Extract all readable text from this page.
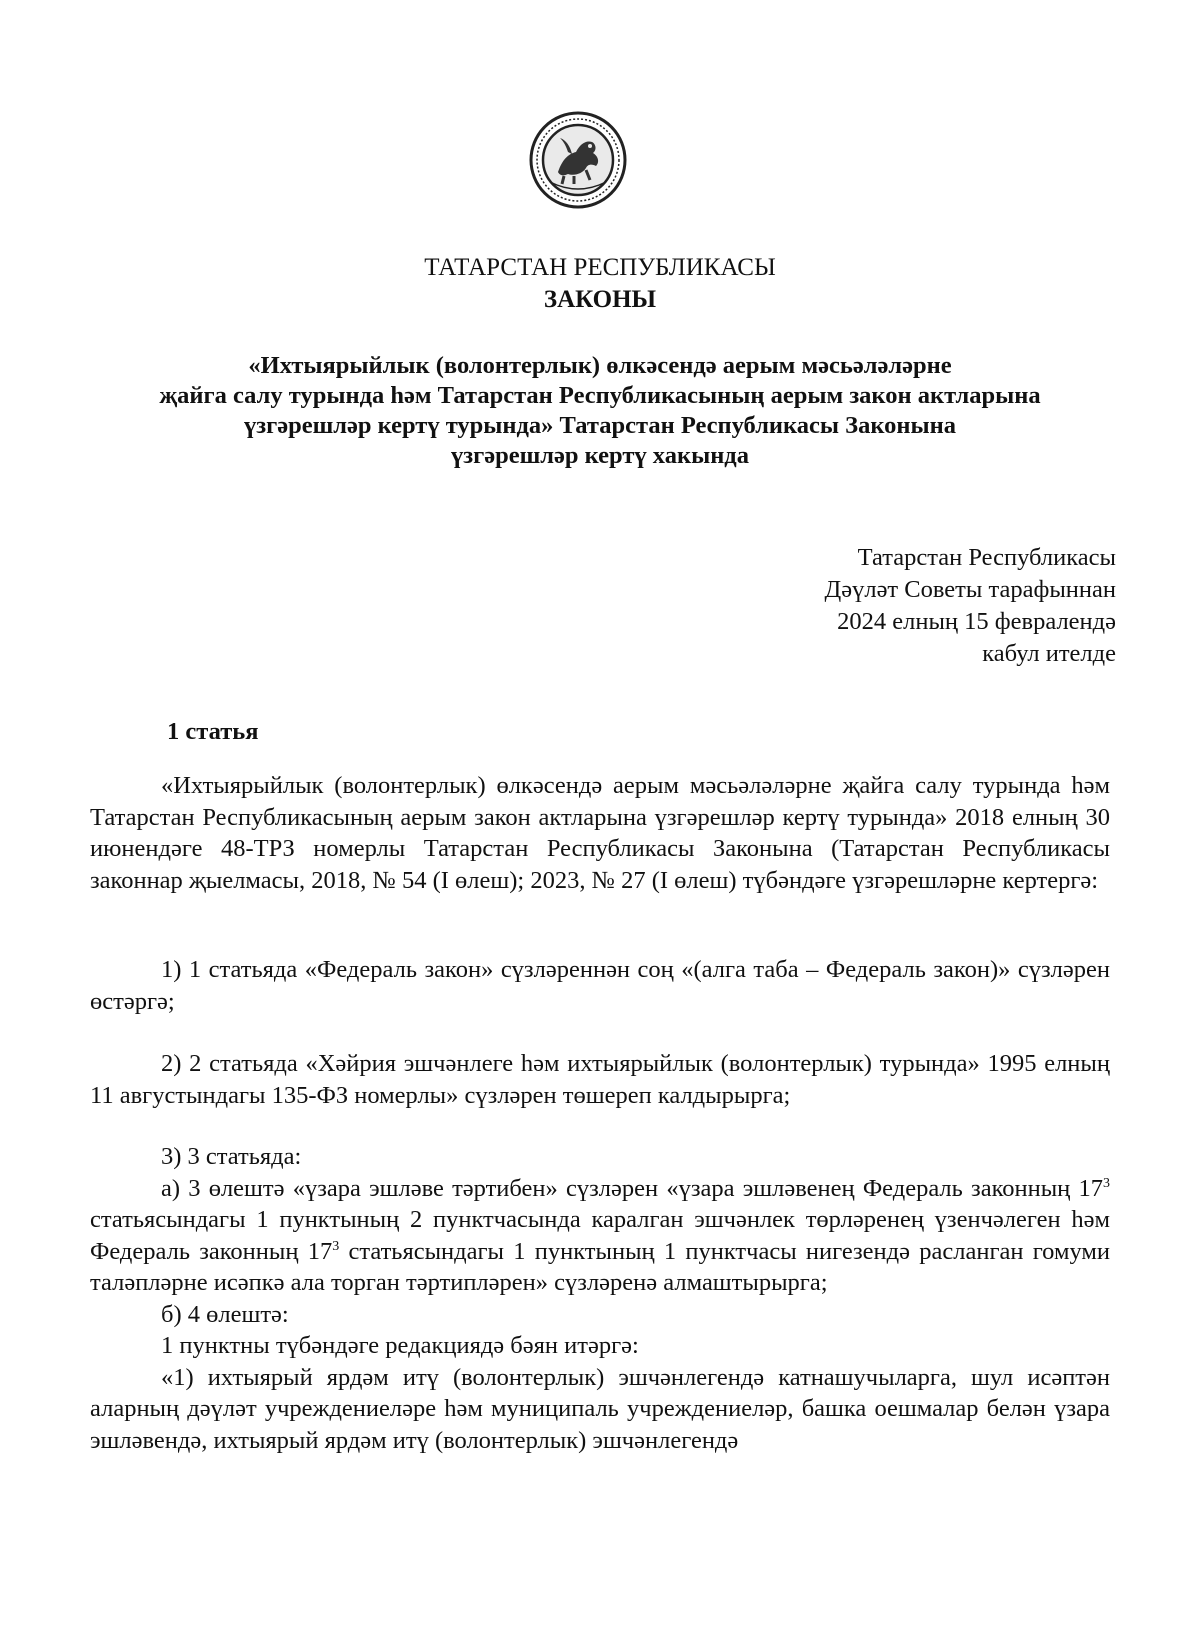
ТАТАРСТАН РЕСПУБЛИКАСЫ
ЗАКОНЫ
«Ихтыярыйлык (волонтерлык) өлкәсендә аерым мәсьәләләрне
җайга салу турында һәм Татарстан Республикасының аерым закон актларына
үзгәрешләр кертү турында» Татарстан Республикасы Законына
үзгәрешләр кертү хакында
Татарстан Республикасы
Дәүләт Советы тарафыннан
2024 елның 15 февралендә
кабул ителде
1 статья

«Ихтыярыйлык (волонтерлык) өлкәсендә аерым мәсьәләләрне җайга салу турында һәм Татарстан Республикасының аерым закон актларына үзгәрешләр кертү турында» 2018 елның 30 июнендәге 48-ТРЗ номерлы Татарстан Республикасы Законына (Татарстан Республикасы законнар җыелмасы, 2018, № 54 (I өлеш); 2023, № 27 (I өлеш) түбәндәге үзгәрешләрне кертергә:

1) 1 статьяда «Федераль закон» сүзләреннән соң «(алга таба – Федераль закон)» сүзләрен өстәргә;

2) 2 статьяда «Хәйрия эшчәнлеге һәм ихтыярыйлык (волонтерлык) турында» 1995 елның 11 августындагы 135-ФЗ номерлы» сүзләрен төшереп калдырырга;

3) 3 статьяда:

а) 3 өлештә «үзара эшләве тәртибен» сүзләрен «үзара эшләвенең Федераль законның $17^3$ статьясындагы 1 пунктының 2 пунктчасында каралган эшчәнлек төрләренең үзенчәлеген һәм Федераль законның $17^3$ статьясындагы 1 пунктының 1 пунктчасы нигезендә расланган гомуми таләпләрне исәпкә ала торган тәртипләрен» сүзләренә алмаштырырга;

б) 4 өлештә:

1 пунктны түбәндәге редакциядә бәян итәргә:

«1) ихтыярый ярдәм итү (волонтерлык) эшчәнлегендә катнашучыларга, шул исәптән аларның дәүләт учреждениеләре һәм муниципаль учреждениеләр, башка оешмалар белән үзара эшләвендә, ихтыярый ярдәм итү (волонтерлык) эшчәнлегендә
